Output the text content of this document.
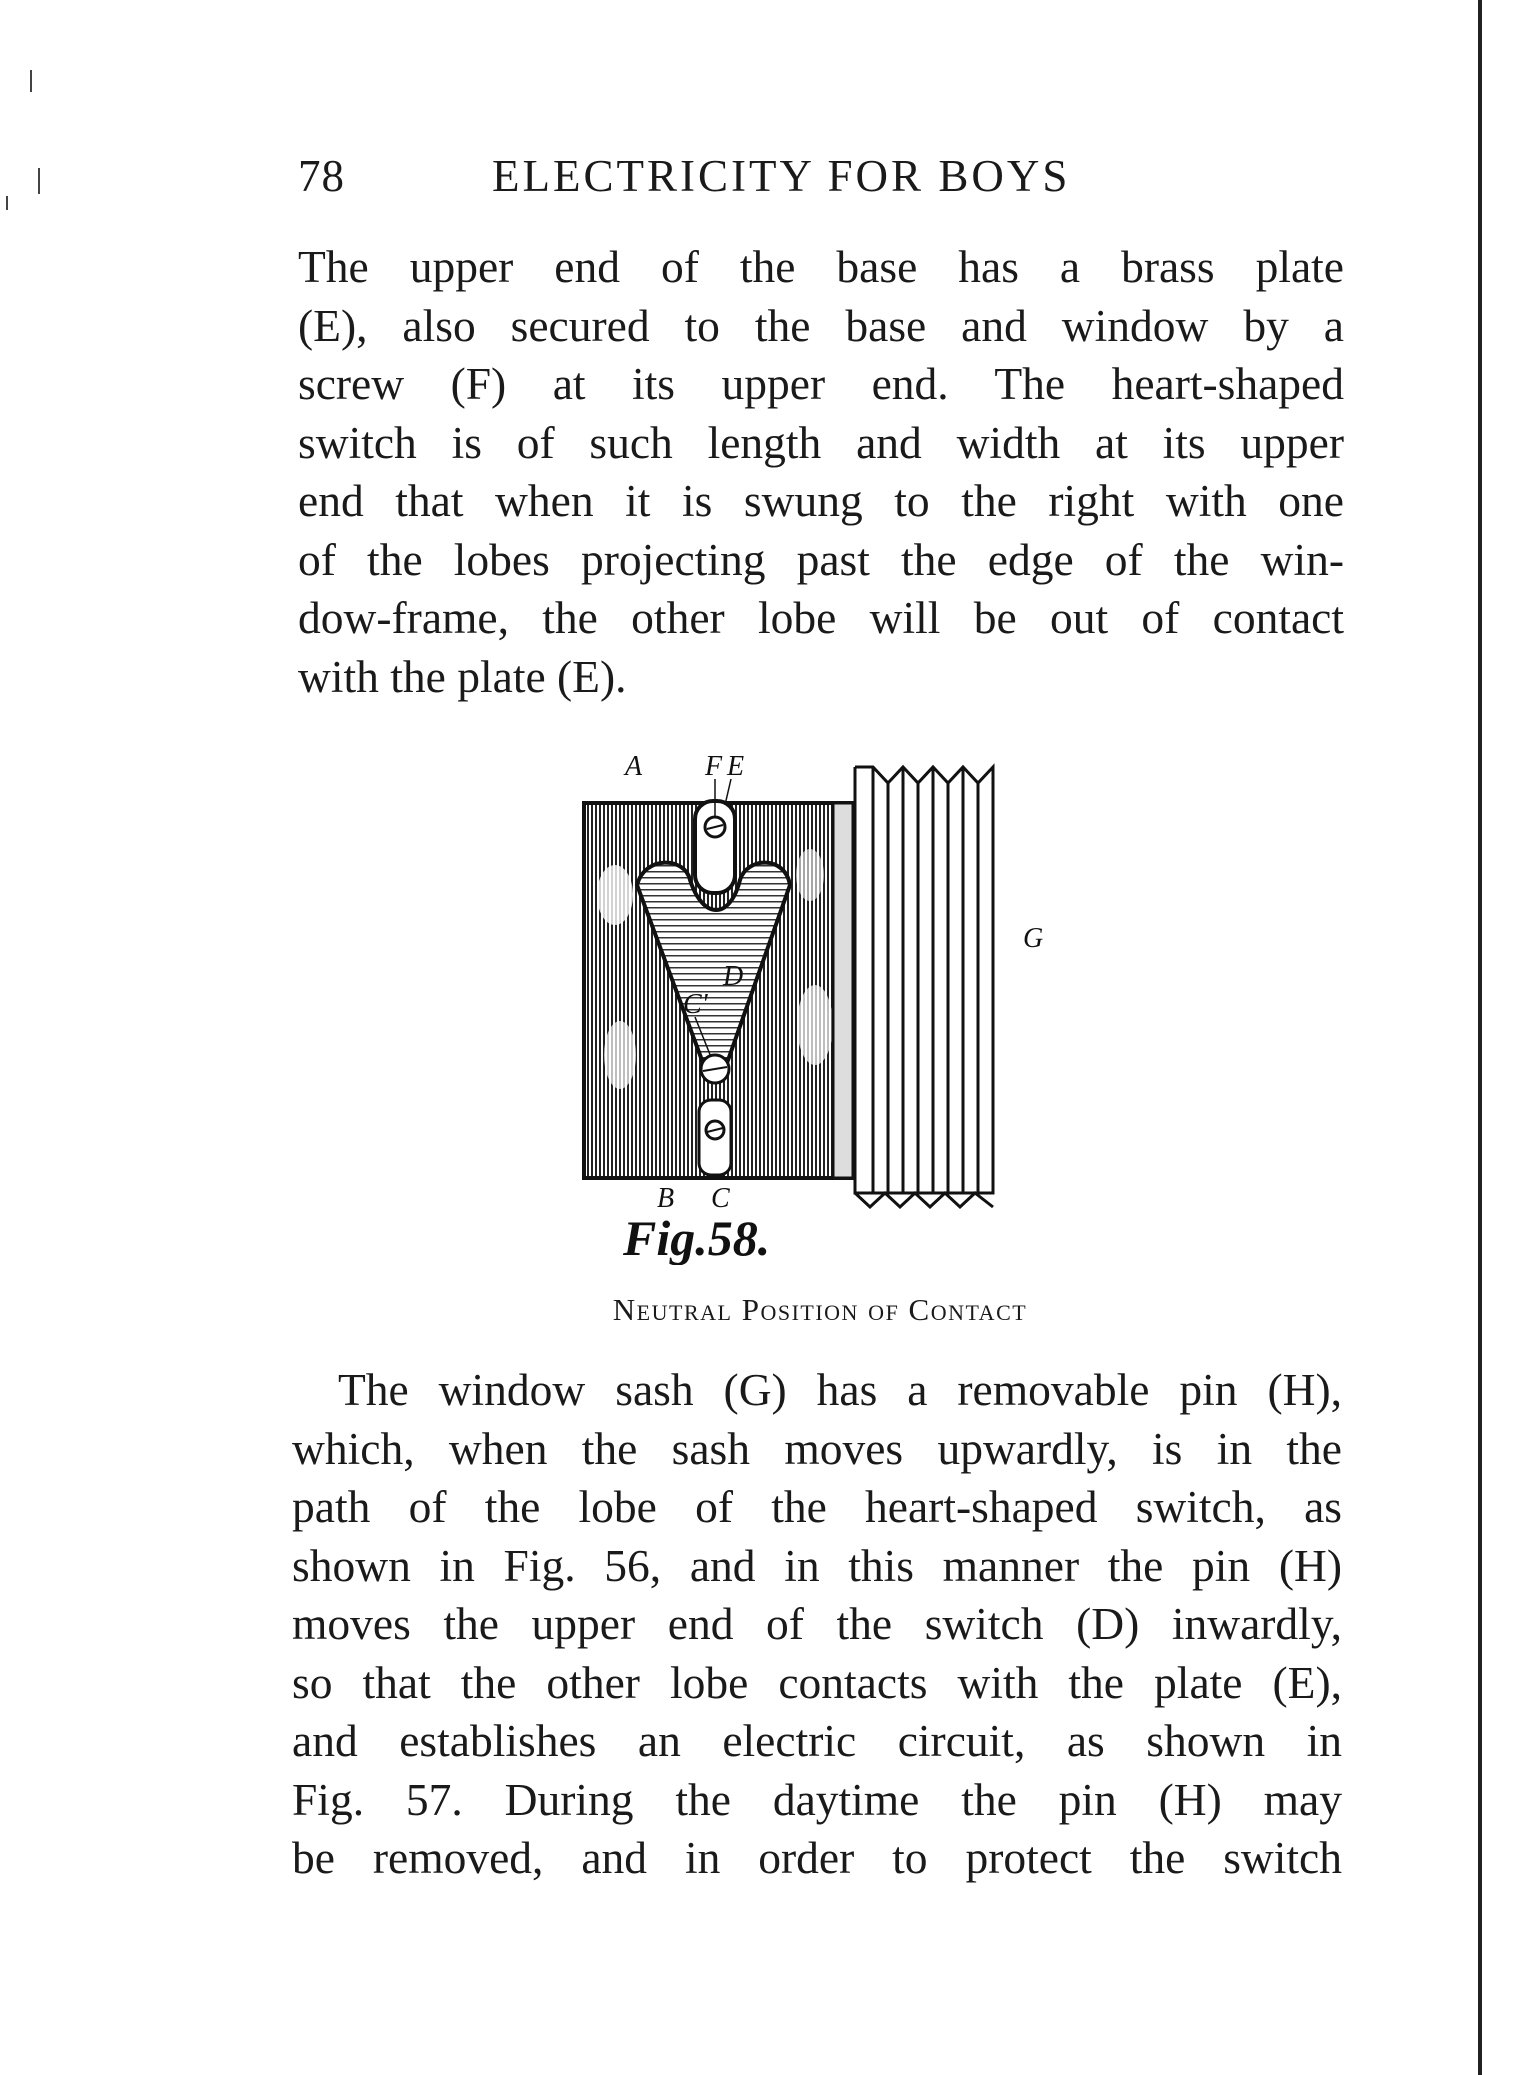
78	ELECTRICITY FOR BOYS
The upper end of the base has a brass plate
(E), also secured to the base and window by a
screw (F) at its upper end. The heart-shaped
switch is of such length and width at its upper
end that when it is swung to the right with one
of the lobes projecting past the edge of the win-
dow-frame, the other lobe will be out of contact
with the plate (E).
A F E
D
C'
G
B C
Fig.58.
Neutral Position of Contact
The window sash (G) has a removable pin (H),
which, when the sash moves upwardly, is in the
path of the lobe of the heart-shaped switch, as
shown in Fig. 56, and in this manner the pin (H)
moves the upper end of the switch (D) inwardly,
so that the other lobe contacts with the plate (E),
and establishes an electric circuit, as shown in
Fig. 57. During the daytime the pin (H) may
be removed, and in order to protect the switch
